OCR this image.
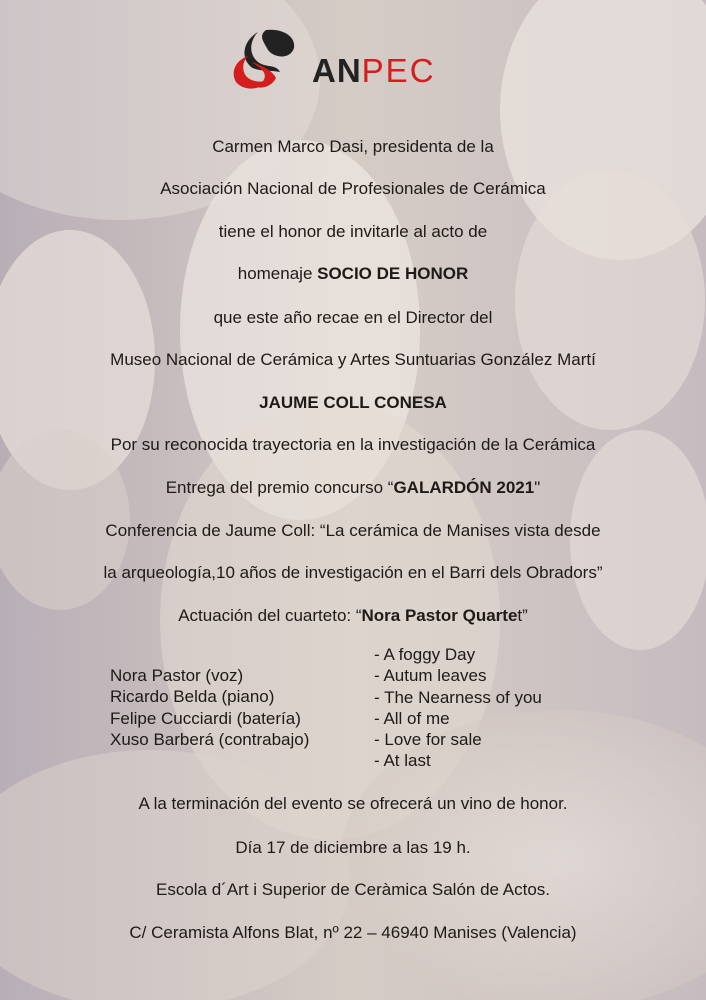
ANPEC
Carmen Marco Dasi, presidenta de la
Asociación Nacional de Profesionales de Cerámica
tiene el honor de invitarle al acto de
homenaje SOCIO DE HONOR
que este año recae en el Director del
Museo Nacional de Cerámica y Artes Suntuarias González Martí
JAUME COLL CONESA
Por su reconocida trayectoria en la investigación de la Cerámica
Entrega del premio concurso “GALARDÓN 2021"
Conferencia de Jaume Coll: “La cerámica de Manises vista desde
la arqueología,10 años de investigación en el Barri dels Obradors”
Actuación del cuarteto: “Nora Pastor Quartet”
Nora Pastor (voz)
Ricardo Belda (piano)
Felipe Cucciardi (batería)
Xuso Barberá (contrabajo)
- A foggy Day
- Autum leaves
- The Nearness of you
- All of me
- Love for sale
- At last
A la terminación del evento se ofrecerá un vino de honor.
Día 17 de diciembre a las 19 h.
Escola d´Art i Superior de Ceràmica Salón de Actos.
C/ Ceramista Alfons Blat, nº 22 – 46940 Manises (Valencia)
